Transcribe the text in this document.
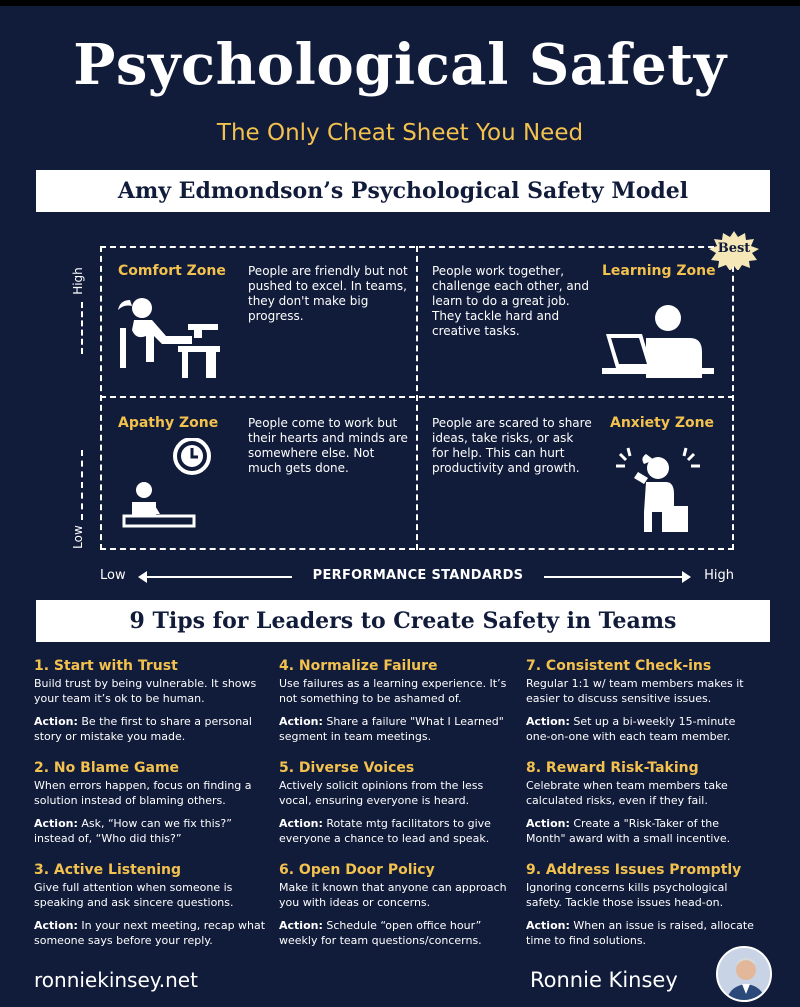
Psychological Safety
The Only Cheat Sheet You Need
Amy Edmondson’s Psychological Safety Model
High
Low
Best
Comfort Zone People are friendly but not pushed to excel. In teams, they don't make big progress.
Learning Zone
People work together, challenge each other, and learn to do a great job. They tackle hard and creative tasks.
Apathy Zone People come to work but their hearts and minds are somewhere else. Not much gets done.
Anxiety Zone
People are scared to share ideas, take risks, or ask for help. This can hurt productivity and growth.
Low	PERFORMANCE STANDARDS	High
9 Tips for Leaders to Create Safety in Teams
1. Start with Trust
Build trust by being vulnerable. It shows your team it’s ok to be human.
Action: Be the first to share a personal story or mistake you made.
2. No Blame Game
When errors happen, focus on finding a solution instead of blaming others.
Action: Ask, “How can we fix this?” instead of, “Who did this?”
3. Active Listening
Give full attention when someone is speaking and ask sincere questions.
Action: In your next meeting, recap what someone says before your reply.
4. Normalize Failure
Use failures as a learning experience. It’s not something to be ashamed of.
Action: Share a failure "What I Learned" segment in team meetings.
5. Diverse Voices
Actively solicit opinions from the less vocal, ensuring everyone is heard.
Action: Rotate mtg facilitators to give everyone a chance to lead and speak.
6. Open Door Policy
Make it known that anyone can approach you with ideas or concerns.
Action: Schedule “open office hour” weekly for team questions/concerns.
7. Consistent Check-ins
Regular 1:1 w/ team members makes it easier to discuss sensitive issues.
Action: Set up a bi-weekly 15-minute one-on-one with each team member.
8. Reward Risk-Taking
Celebrate when team members take calculated risks, even if they fail.
Action: Create a "Risk-Taker of the Month" award with a small incentive.
9. Address Issues Promptly
Ignoring concerns kills psychological safety. Tackle those issues head-on.
Action: When an issue is raised, allocate time to find solutions.
ronniekinsey.net	Ronnie Kinsey
